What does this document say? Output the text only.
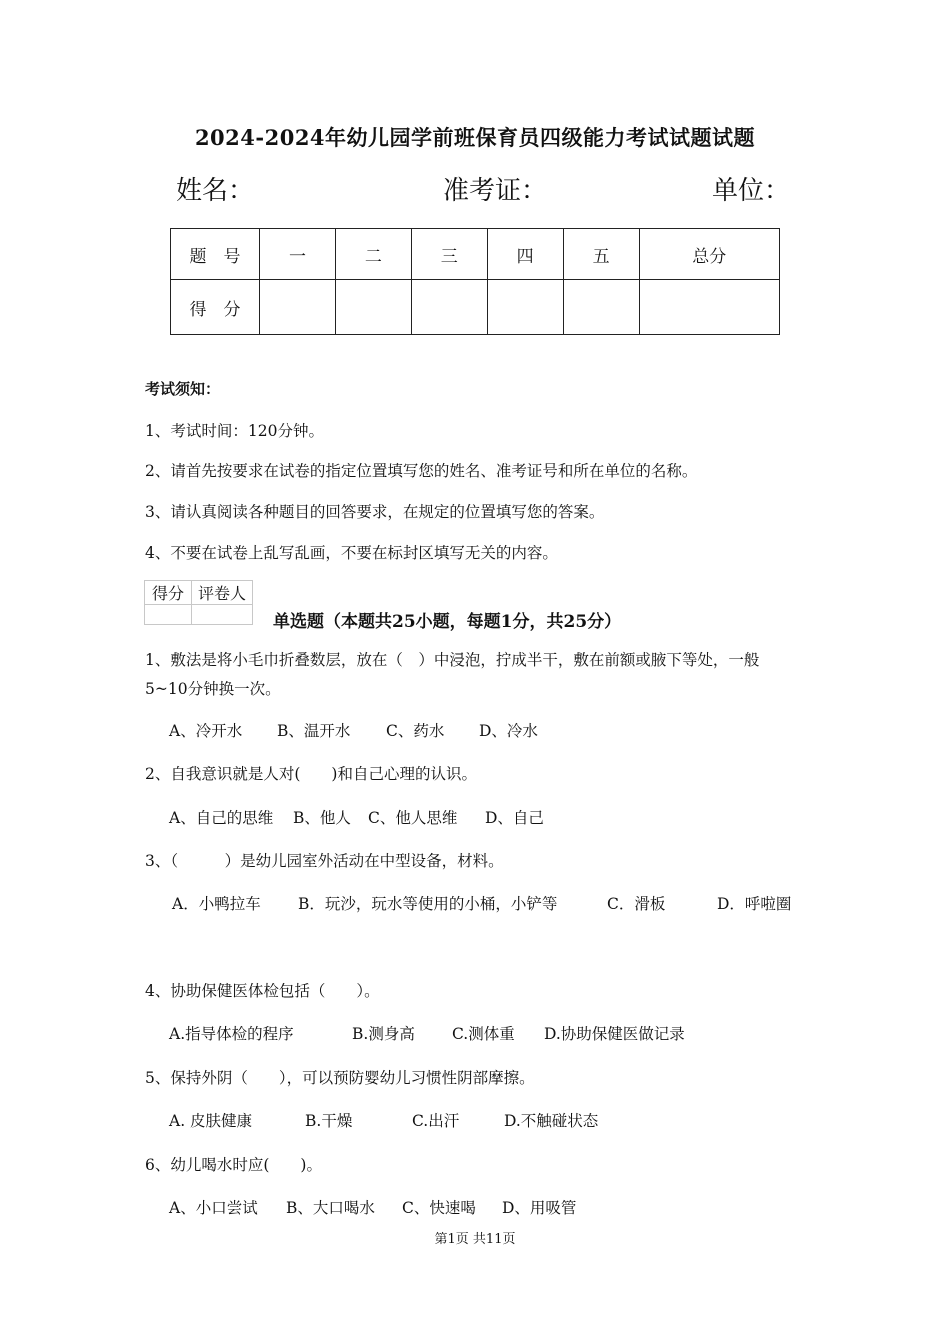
2024-2024年幼儿园学前班保育员四级能力考试试题试题
姓名：	准考证：	单位：
题　号	一	二	三	四	五	总分
得　分						
考试须知：
1、考试时间：120分钟。
2、请首先按要求在试卷的指定位置填写您的姓名、准考证号和所在单位的名称。
3、请认真阅读各种题目的回答要求，在规定的位置填写您的答案。
4、不要在试卷上乱写乱画，不要在标封区填写无关的内容。
得分	评卷人

单选题（本题共25小题，每题1分，共25分）
1、敷法是将小毛巾折叠数层，放在（　）中浸泡，拧成半干，敷在前额或腋下等处，一般
5~10分钟换一次。
A、冷开水 B、温开水 C、药水 D、冷水
2、自我意识就是人对(　　)和自己心理的认识。
A、自己的思维 B、他人 C、他人思维 D、自己
3、（　　　）是幼儿园室外活动在中型设备，材料。
A．小鸭拉车 B．玩沙，玩水等使用的小桶，小铲等	C．滑板	D．呼啦圈
4、协助保健医体检包括（　　）。
A.指导体检的程序	B.测身高 C.测体重 D.协助保健医做记录
5、保持外阴（　　），可以预防婴幼儿习惯性阴部摩擦。
A. 皮肤健康	B.干燥	C.出汗	D.不触碰状态
6、幼儿喝水时应(　　)。
A、小口尝试 B、大口喝水 C、快速喝 D、用吸管
第1页 共11页
